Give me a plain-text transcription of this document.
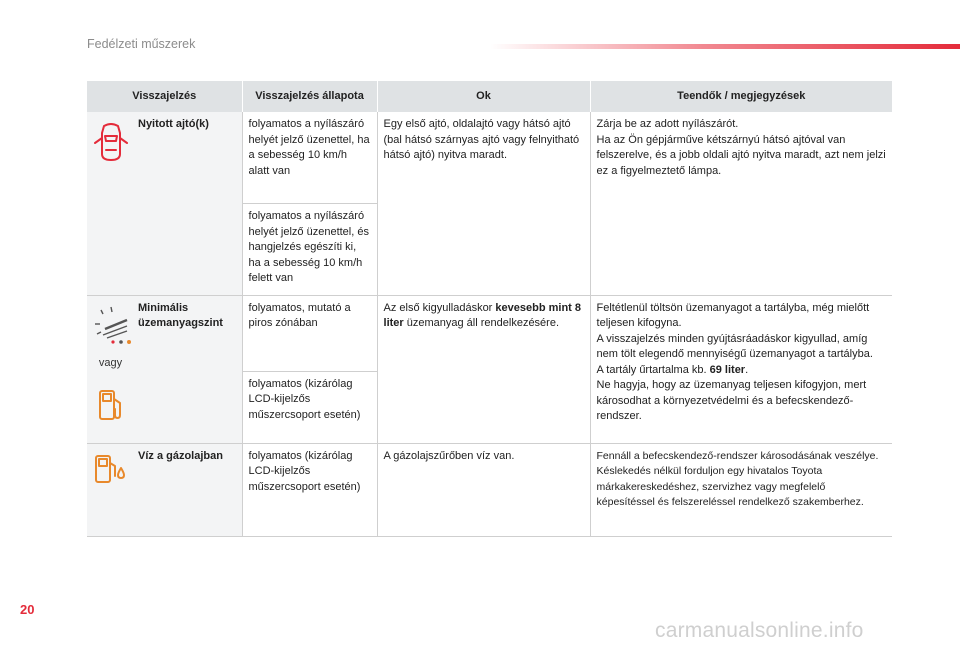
Fedélzeti műszerek
Visszajelzés		Visszajelzés állapota	Ok	Teendők / megjegyzések

	Nyitott ajtó(k)	folyamatos a nyílászáró helyét jelző üzenettel, ha a sebesség 10 km/h alatt van	Egy első ajtó, oldalajtó vagy hátsó ajtó (bal hátsó szárnyas ajtó vagy felnyitható hátsó ajtó) nyitva maradt.	Zárja be az adott nyílászárót.
Ha az Ön gépjárműve kétszárnyú hátsó ajtóval van felszerelve, és a jobb oldali ajtó nyitva maradt, azt nem jelzi ez a figyelmeztető lámpa.
		folyamatos a nyílászáró helyét jelző üzenettel, és hangjelzés egészíti ki, ha a sebesség 10 km/h felett van		

vagy	Minimális üzemanyagszint	folyamatos, mutató a piros zónában	Az első kigyulladáskor kevesebb mint 8 liter üzemanyag áll rendelkezésére.	Feltétlenül töltsön üzemanyagot a tartályba, még mielőtt teljesen kifogyna.
A visszajelzés minden gyújtásráadáskor kigyullad, amíg nem tölt elegendő mennyiségű üzemanyagot a tartályba.
A tartály űrtartalma kb. 69 liter.
Ne hagyja, hogy az üzemanyag teljesen kifogyjon, mert károsodhat a környezetvédelmi és a befecskendező-rendszer.

		folyamatos (kizárólag LCD-kijelzős műszercsoport esetén)		

	Víz a gázolajban	folyamatos (kizárólag LCD-kijelzős műszercsoport esetén)	A gázolajszűrőben víz van.	Fennáll a befecskendező-rendszer károsodásának veszélye.
Késlekedés nélkül forduljon egy hivatalos Toyota márkakereskedéshez, szervizhez vagy megfelelő képesítéssel és felszereléssel rendelkező szakemberhez.
20
carmanualsonline.info
